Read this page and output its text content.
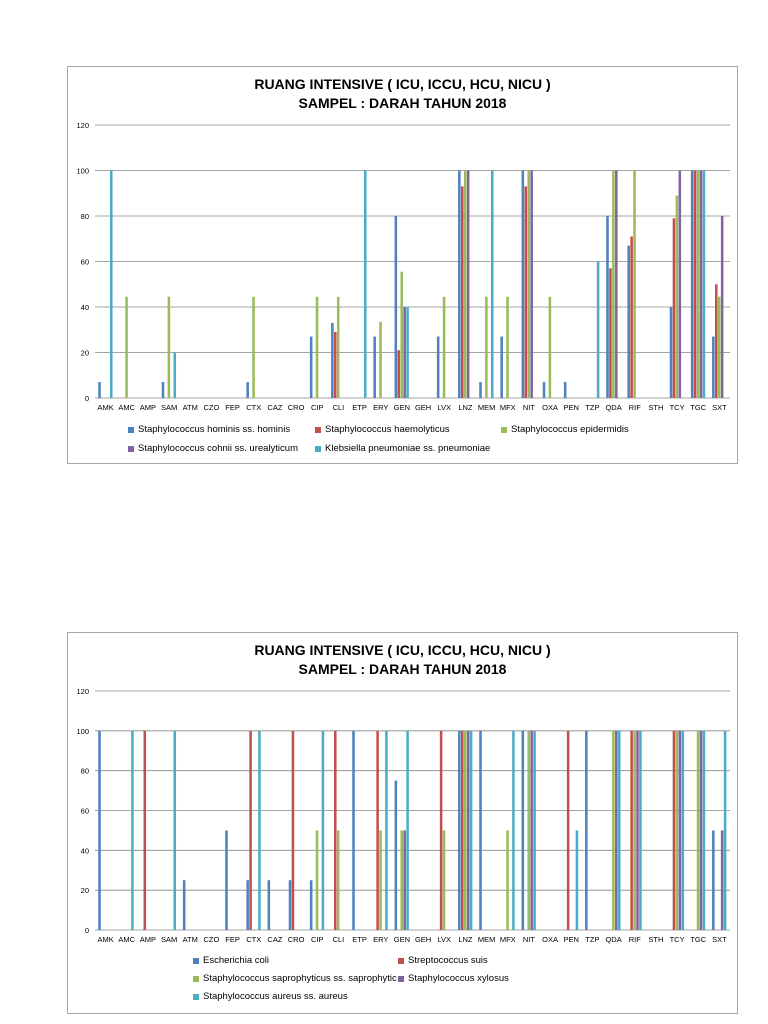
RUANG INTENSIVE ( ICU, ICCU, HCU, NICU )
SAMPEL : DARAH TAHUN 2018
0
20
40
60
80
100
120
AMK AMC AMP SAM ATM CZO FEP CTX CAZ CRO CIP CLI ETP ERY GEN GEH LVX LNZ MEM MFX NIT OXA PEN TZP QDA RIF STH TCY TGC SXT
Staphylococcus hominis ss. hominis	Staphylococcus haemolyticus	Staphylococcus epidermidis
Staphylococcus cohnii ss. urealyticum	Klebsiella pneumoniae ss. pneumoniae
RUANG INTENSIVE ( ICU, ICCU, HCU, NICU )
SAMPEL : DARAH TAHUN 2018
0
20
40
60
80
100
120
AMK AMC AMP SAM ATM CZO FEP CTX CAZ CRO CIP CLI ETP ERY GEN GEH LVX LNZ MEM MFX NIT OXA PEN TZP QDA RIF STH TCY TGC SXT
Escherichia coli	Streptococcus suis
Staphylococcus saprophyticus ss. saprophytic Staphylococcus xylosus
Staphylococcus aureus ss. aureus
